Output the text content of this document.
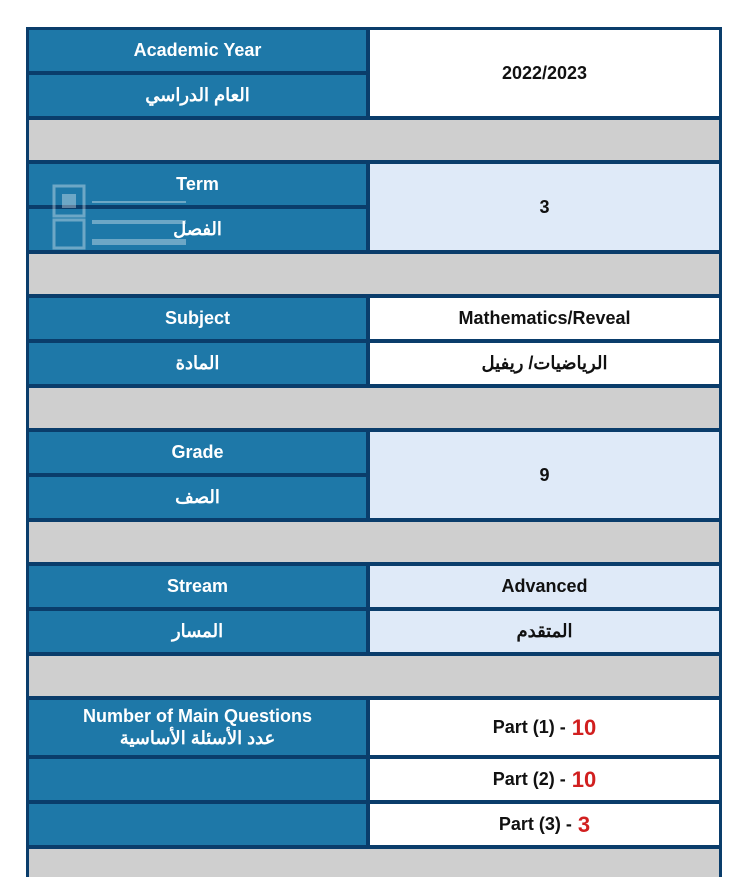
Academic Year
العام الدراسي
2022/2023
Term
الفصل
3
Subject
المادة
Mathematics/Reveal
الرياضيات/ ريفيل
Grade
الصف
9
Stream
المسار
Advanced
المتقدم
Number of Main Questions
عدد الأسئلة الأساسية
Part (1) - 10
Part (2) - 10
Part (3) - 3
